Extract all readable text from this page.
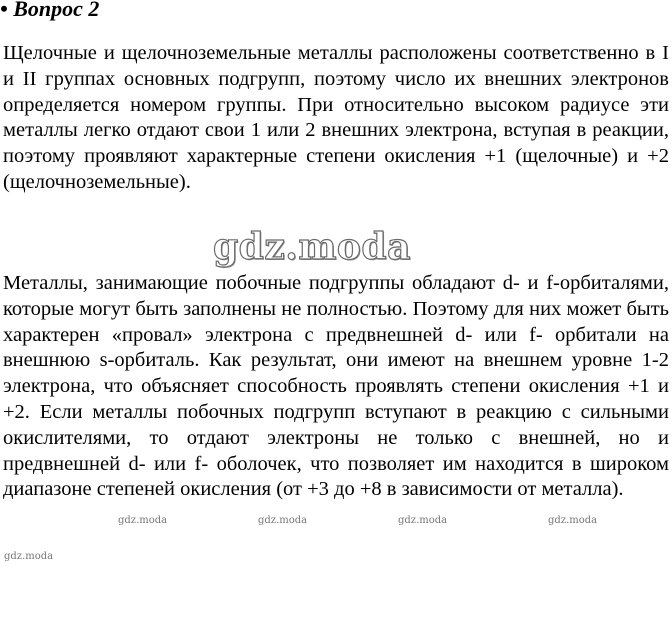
• Вопрос 2

Щелочные и щелочноземельные металлы расположены соответственно в I и II группах основных подгрупп, поэтому число их внешних электронов определяется номером группы. При относительно высоком радиусе эти металлы легко отдают свои 1 или 2 внешних электрона, вступая в реакции, поэтому проявляют характерные степени окисления +1 (щелочные) и +2 (щелочноземельные).

Металлы, занимающие побочные подгруппы обладают d- и f-орбиталями, которые могут быть заполнены не полностью. Поэтому для них может быть характерен «провал» электрона с предвнешней d- или f- орбитали на внешнюю s-орбиталь. Как результат, они имеют на внешнем уровне 1-2 электрона, что объясняет способность проявлять степени окисления +1 и +2. Если металлы побочных подгрупп вступают в реакцию с сильными окислителями, то отдают электроны не только с внешней, но и предвнешней d- или f- оболочек, что позволяет им находится в широком диапазоне степеней окисления (от +3 до +8 в зависимости от металла).

gdz.moda
gdz.moda	gdz.moda	gdz.moda	gdz.moda
gdz.moda
